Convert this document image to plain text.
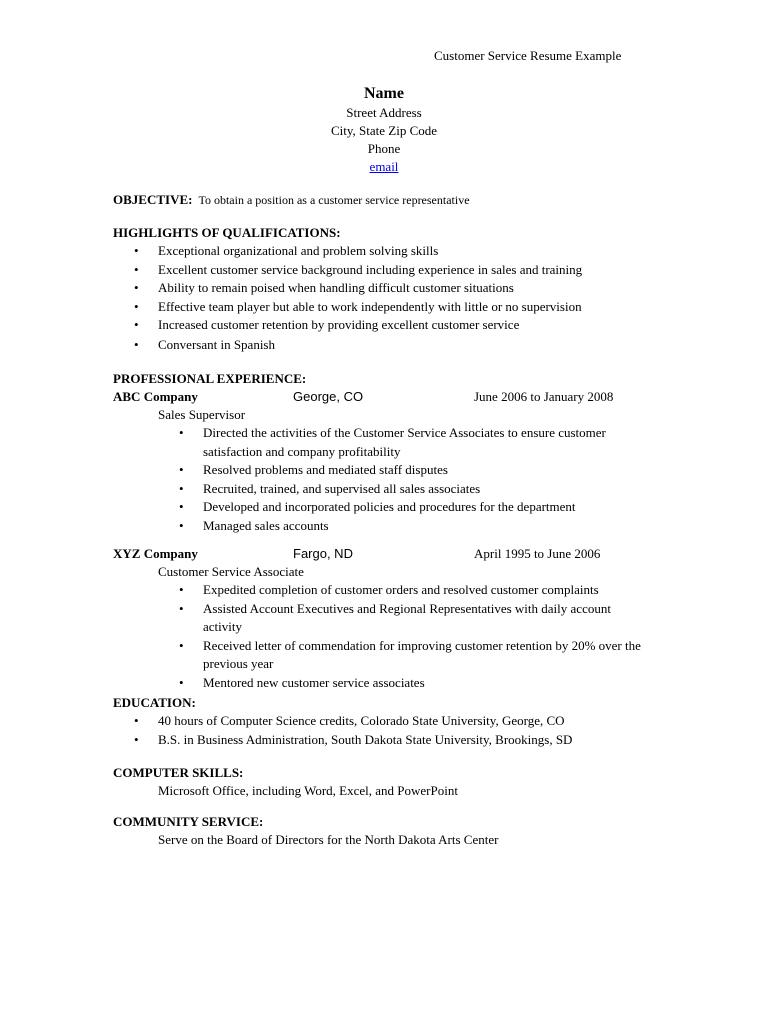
Customer Service Resume Example
Name
Street Address
City, State Zip Code
Phone
email
OBJECTIVE: To obtain a position as a customer service representative
HIGHLIGHTS OF QUALIFICATIONS:
• Exceptional organizational and problem solving skills
• Excellent customer service background including experience in sales and training
• Ability to remain poised when handling difficult customer situations
• Effective team player but able to work independently with little or no supervision
• Increased customer retention by providing excellent customer service
• Conversant in Spanish
PROFESSIONAL EXPERIENCE:
ABC Company	George, CO	June 2006 to January 2008
Sales Supervisor
• Directed the activities of the Customer Service Associates to ensure customer satisfaction and company profitability
• Resolved problems and mediated staff disputes
• Recruited, trained, and supervised all sales associates
• Developed and incorporated policies and procedures for the department
• Managed sales accounts
XYZ Company	Fargo, ND	April 1995 to June 2006
Customer Service Associate
• Expedited completion of customer orders and resolved customer complaints
• Assisted Account Executives and Regional Representatives with daily account activity
• Received letter of commendation for improving customer retention by 20% over the previous year
• Mentored new customer service associates
EDUCATION:
• 40 hours of Computer Science credits, Colorado State University, George, CO
• B.S. in Business Administration, South Dakota State University, Brookings, SD
COMPUTER SKILLS:
Microsoft Office, including Word, Excel, and PowerPoint
COMMUNITY SERVICE:
Serve on the Board of Directors for the North Dakota Arts Center
